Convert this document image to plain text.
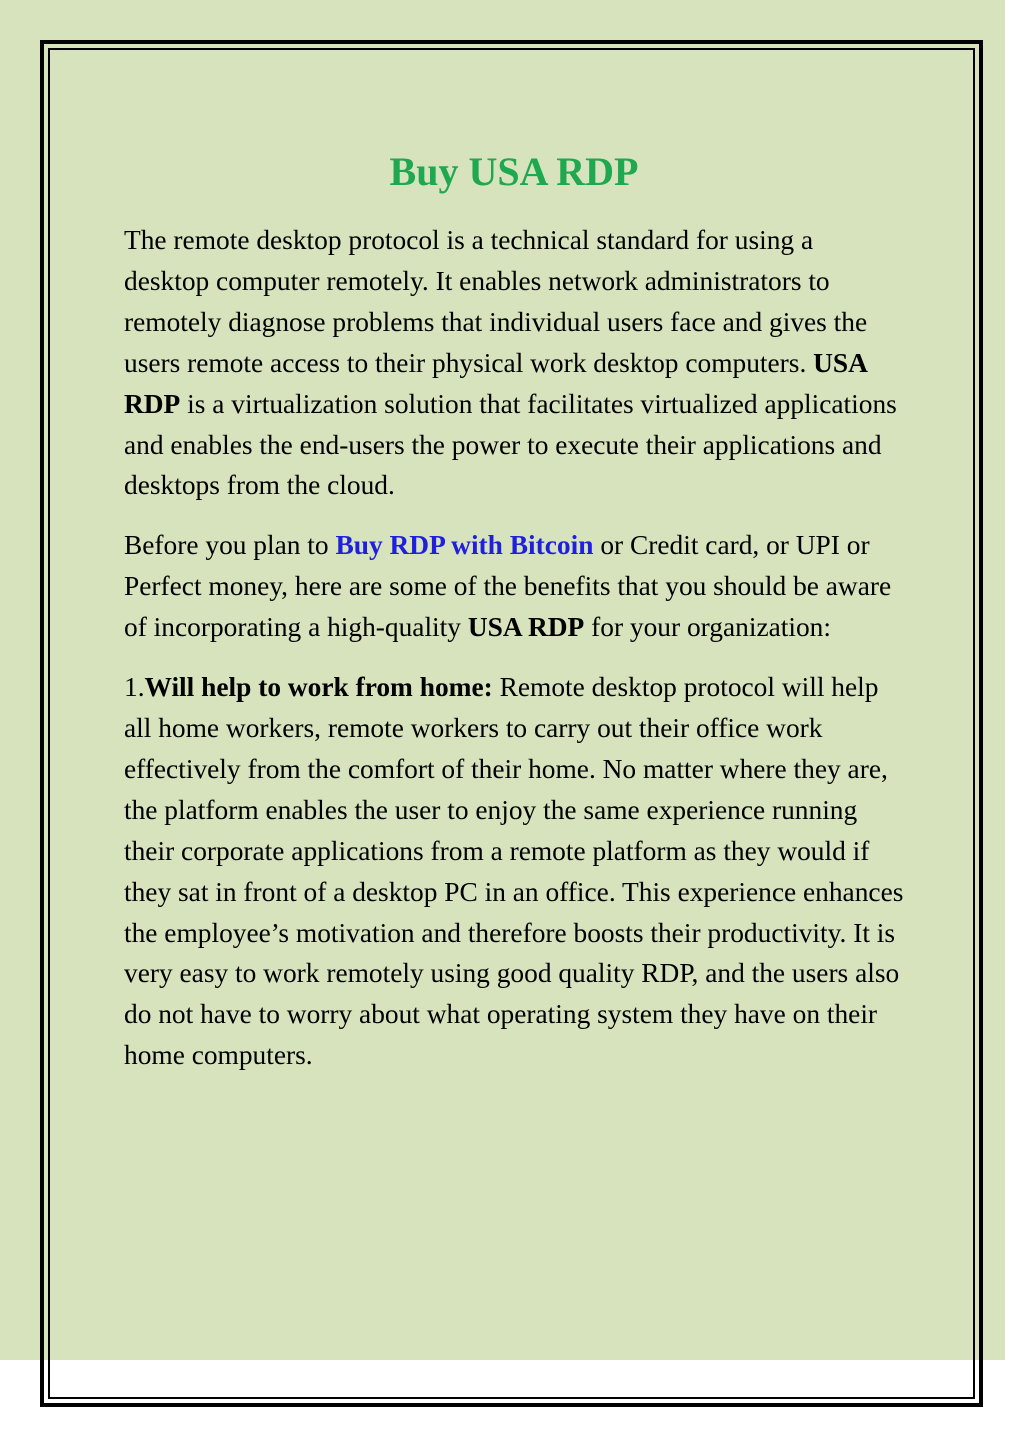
Buy USA RDP

The remote desktop protocol is a technical standard for using a desktop computer remotely. It enables network administrators to remotely diagnose problems that individual users face and gives the users remote access to their physical work desktop computers. USA RDP is a virtualization solution that facilitates virtualized applications and enables the end-users the power to execute their applications and desktops from the cloud.

Before you plan to Buy RDP with Bitcoin or Credit card, or UPI or Perfect money, here are some of the benefits that you should be aware of incorporating a high-quality USA RDP for your organization:

1.Will help to work from home: Remote desktop protocol will help all home workers, remote workers to carry out their office work effectively from the comfort of their home. No matter where they are, the platform enables the user to enjoy the same experience running their corporate applications from a remote platform as they would if they sat in front of a desktop PC in an office. This experience enhances the employee’s motivation and therefore boosts their productivity. It is very easy to work remotely using good quality RDP, and the users also do not have to worry about what operating system they have on their home computers.
